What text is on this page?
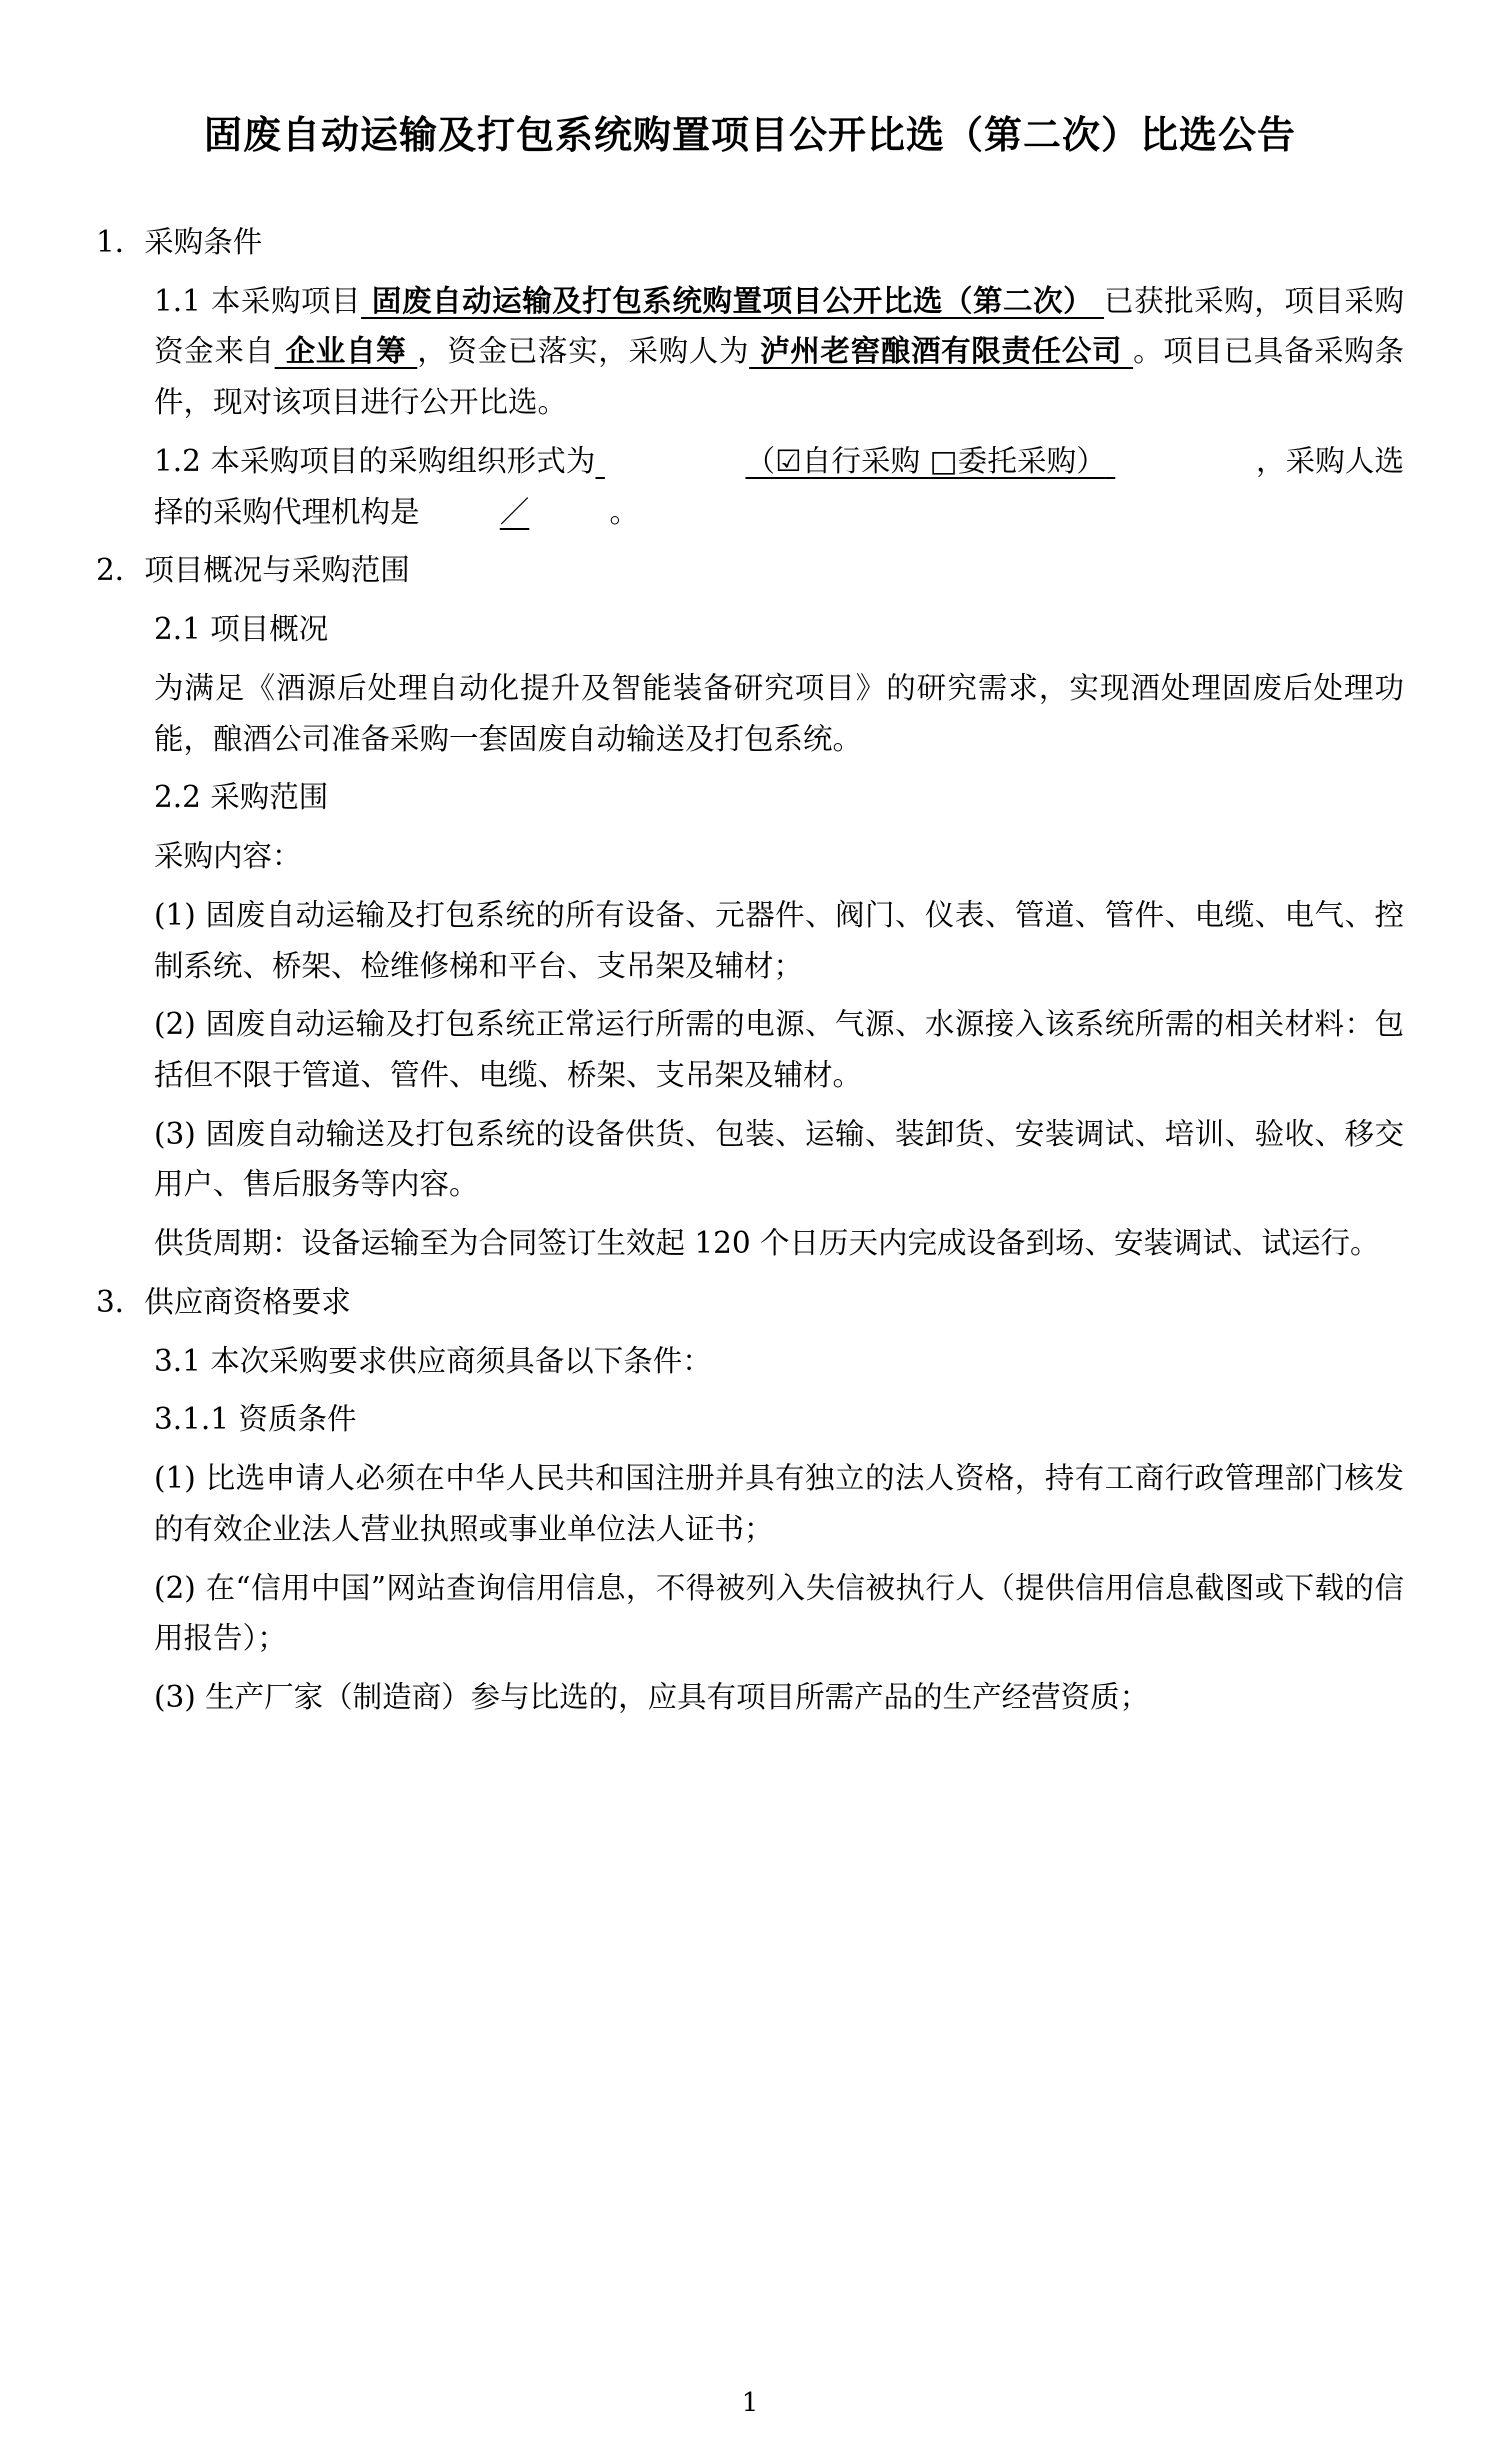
固废自动运输及打包系统购置项目公开比选（第二次）比选公告

1．采购条件

1.1 本采购项目 固废自动运输及打包系统购置项目公开比选（第二次） 已获批采购，项目采购资金来自 企业自筹 ，资金已落实，采购人为 泸州老窖酿酒有限责任公司 。项目已具备采购条件，现对该项目进行公开比选。

1.2 本采购项目的采购组织形式为	（☑自行采购 □委托采购）	，采购人选择的采购代理机构是	／	。

2．项目概况与采购范围

2.1 项目概况

为满足《酒源后处理自动化提升及智能装备研究项目》的研究需求，实现酒处理固废后处理功能，酿酒公司准备采购一套固废自动输送及打包系统。

2.2 采购范围

采购内容：

(1) 固废自动运输及打包系统的所有设备、元器件、阀门、仪表、管道、管件、电缆、电气、控制系统、桥架、检维修梯和平台、支吊架及辅材；

(2) 固废自动运输及打包系统正常运行所需的电源、气源、水源接入该系统所需的相关材料：包括但不限于管道、管件、电缆、桥架、支吊架及辅材。

(3) 固废自动输送及打包系统的设备供货、包装、运输、装卸货、安装调试、培训、验收、移交用户、售后服务等内容。

供货周期：设备运输至为合同签订生效起 120 个日历天内完成设备到场、安装调试、试运行。

3．供应商资格要求

3.1 本次采购要求供应商须具备以下条件：

3.1.1 资质条件

(1) 比选申请人必须在中华人民共和国注册并具有独立的法人资格，持有工商行政管理部门核发的有效企业法人营业执照或事业单位法人证书；

(2) 在“信用中国”网站查询信用信息，不得被列入失信被执行人（提供信用信息截图或下载的信用报告）；

(3) 生产厂家（制造商）参与比选的，应具有项目所需产品的生产经营资质；

1
